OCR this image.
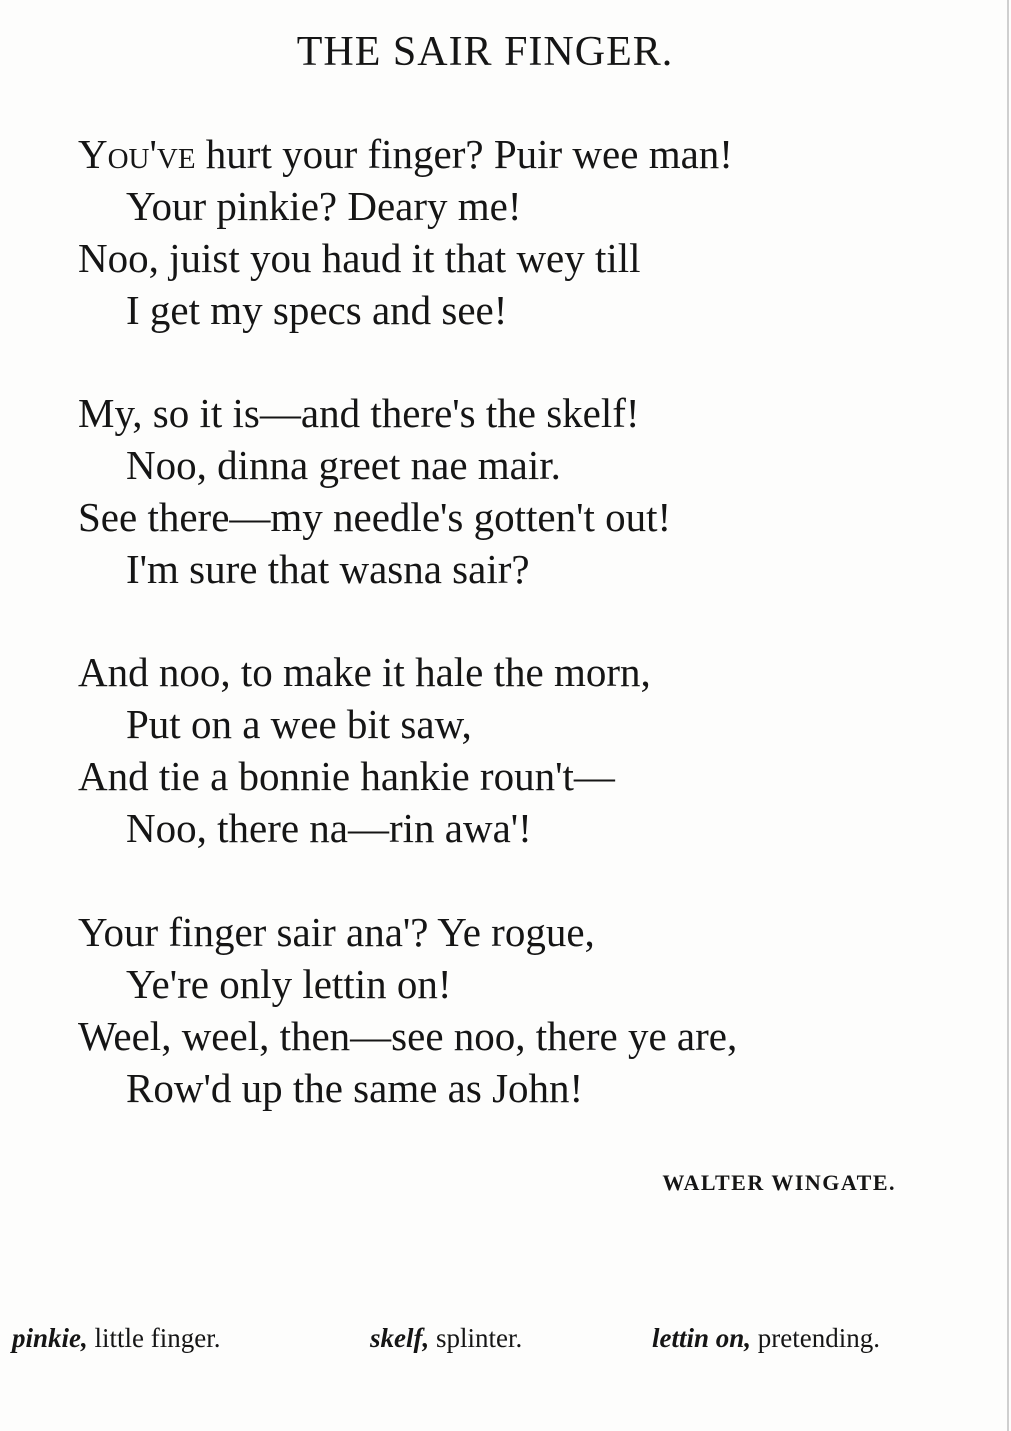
THE SAIR FINGER.
You've hurt your finger? Puir wee man!
Your pinkie? Deary me!
Noo, juist you haud it that wey till
I get my specs and see!
My, so it is—and there's the skelf!
Noo, dinna greet nae mair.
See there—my needle's gotten't out!
I'm sure that wasna sair?
And noo, to make it hale the morn,
Put on a wee bit saw,
And tie a bonnie hankie roun't—
Noo, there na—rin awa'!
Your finger sair ana'? Ye rogue,
Ye're only lettin on!
Weel, weel, then—see noo, there ye are,
Row'd up the same as John!
WALTER WINGATE.
pinkie, little finger.	skelf, splinter.	lettin on, pretending.
